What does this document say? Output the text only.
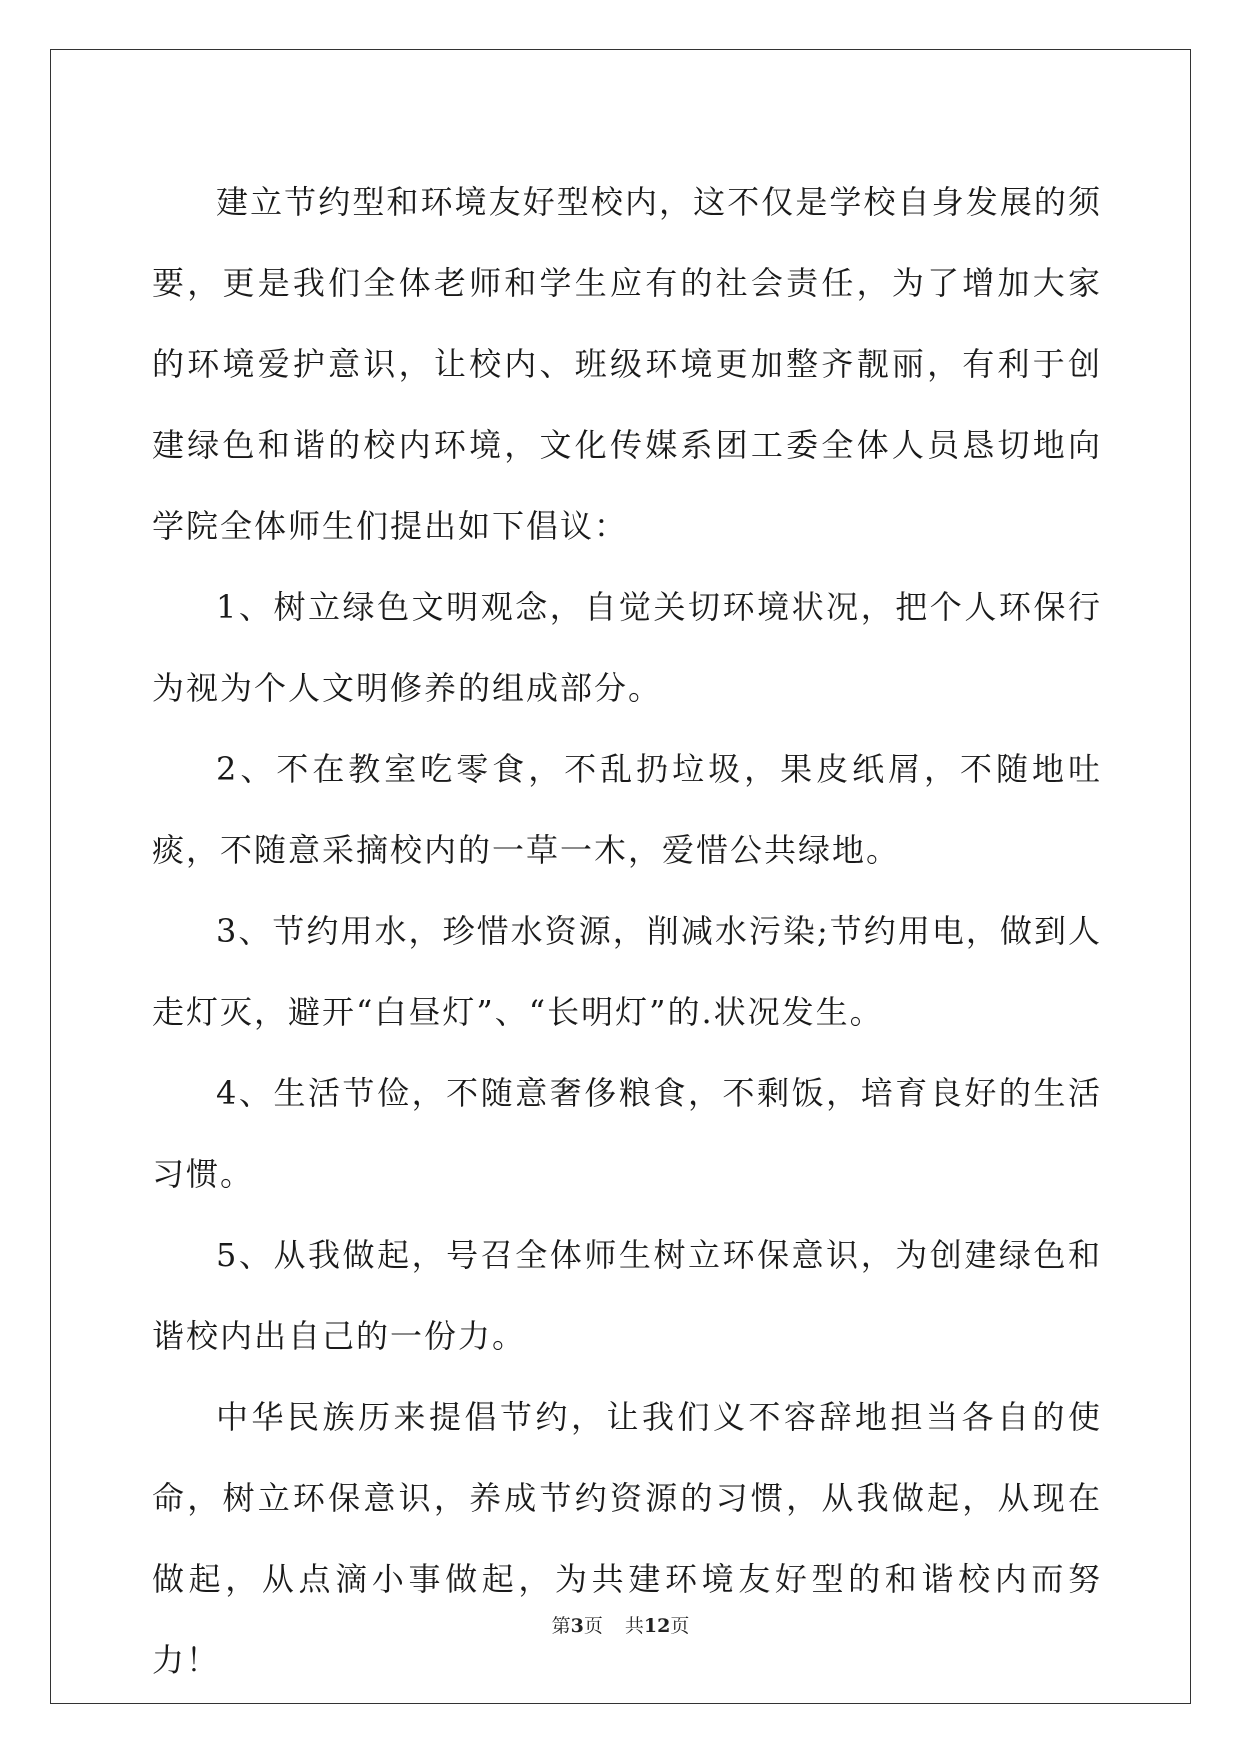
建立节约型和环境友好型校内，这不仅是学校自身发展的须要，更是我们全体老师和学生应有的社会责任，为了增加大家的环境爱护意识，让校内、班级环境更加整齐靓丽，有利于创建绿色和谐的校内环境，文化传媒系团工委全体人员恳切地向学院全体师生们提出如下倡议：

1、树立绿色文明观念，自觉关切环境状况，把个人环保行为视为个人文明修养的组成部分。

2、不在教室吃零食，不乱扔垃圾，果皮纸屑，不随地吐痰，不随意采摘校内的一草一木，爱惜公共绿地。

3、节约用水，珍惜水资源，削减水污染;节约用电，做到人走灯灭，避开“白昼灯”、“长明灯”的.状况发生。

4、生活节俭，不随意奢侈粮食，不剩饭，培育良好的生活习惯。

5、从我做起，号召全体师生树立环保意识，为创建绿色和谐校内出自己的一份力。

中华民族历来提倡节约，让我们义不容辞地担当各自的使命，树立环保意识，养成节约资源的习惯，从我做起，从现在做起，从点滴小事做起，为共建环境友好型的和谐校内而努力！

第3页 共12页
